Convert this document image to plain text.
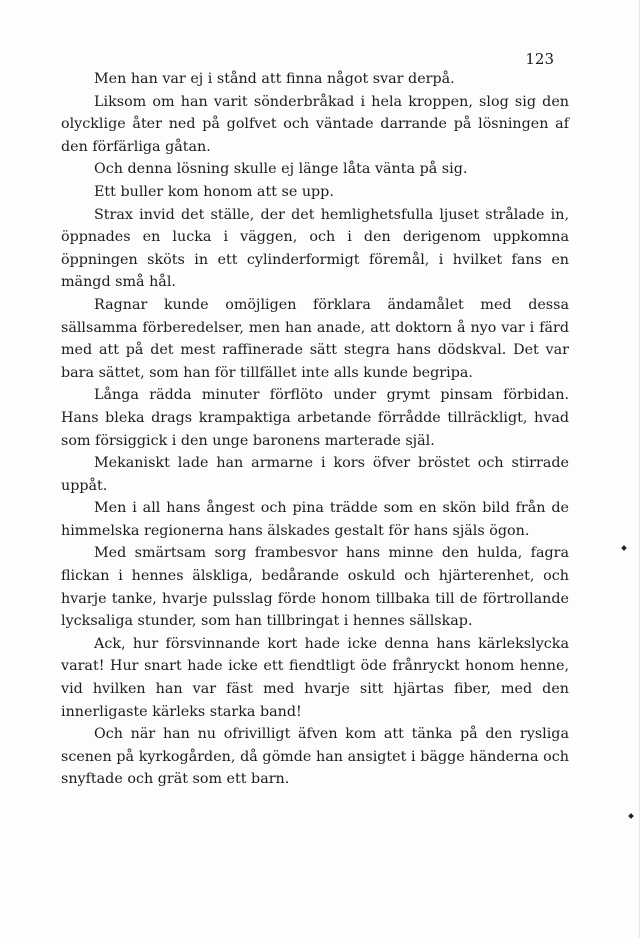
123

Men han var ej i stånd att finna något svar derpå.

Liksom om han varit sönderbråkad i hela kroppen, slog sig den olycklige åter ned på golfvet och väntade darrande på lösningen af den förfärliga gåtan.

Och denna lösning skulle ej länge låta vänta på sig.

Ett buller kom honom att se upp.

Strax invid det ställe, der det hemlighetsfulla ljuset strålade in, öppnades en lucka i väggen, och i den derigenom uppkomna öppningen sköts in ett cylinderformigt föremål, i hvilket fans en mängd små hål.

Ragnar kunde omöjligen förklara ändamålet med dessa sällsamma förberedelser, men han anade, att doktorn å nyo var i färd med att på det mest raffinerade sätt stegra hans dödskval. Det var bara sättet, som han för tillfället inte alls kunde begripa.

Långa rädda minuter förflöto under grymt pinsam förbidan. Hans bleka drags krampaktiga arbetande förrådde tillräckligt, hvad som försiggick i den unge baronens marterade själ.

Mekaniskt lade han armarne i kors öfver bröstet och stirrade uppåt.

Men i all hans ångest och pina trädde som en skön bild från de himmelska regionerna hans älskades gestalt för hans själs ögon.

Med smärtsam sorg frambesvor hans minne den hulda, fagra flickan i hennes älskliga, bedårande oskuld och hjärterenhet, och hvarje tanke, hvarje pulsslag förde honom tillbaka till de förtrollande lycksaliga stunder, som han tillbringat i hennes sällskap.

Ack, hur försvinnande kort hade icke denna hans kärlekslycka varat! Hur snart hade icke ett fiendtligt öde frånryckt honom henne, vid hvilken han var fäst med hvarje sitt hjärtas fiber, med den innerligaste kärleks starka band!

Och när han nu ofrivilligt äfven kom att tänka på den rysliga scenen på kyrkogården, då gömde han ansigtet i bägge händerna och snyftade och grät som ett barn.
